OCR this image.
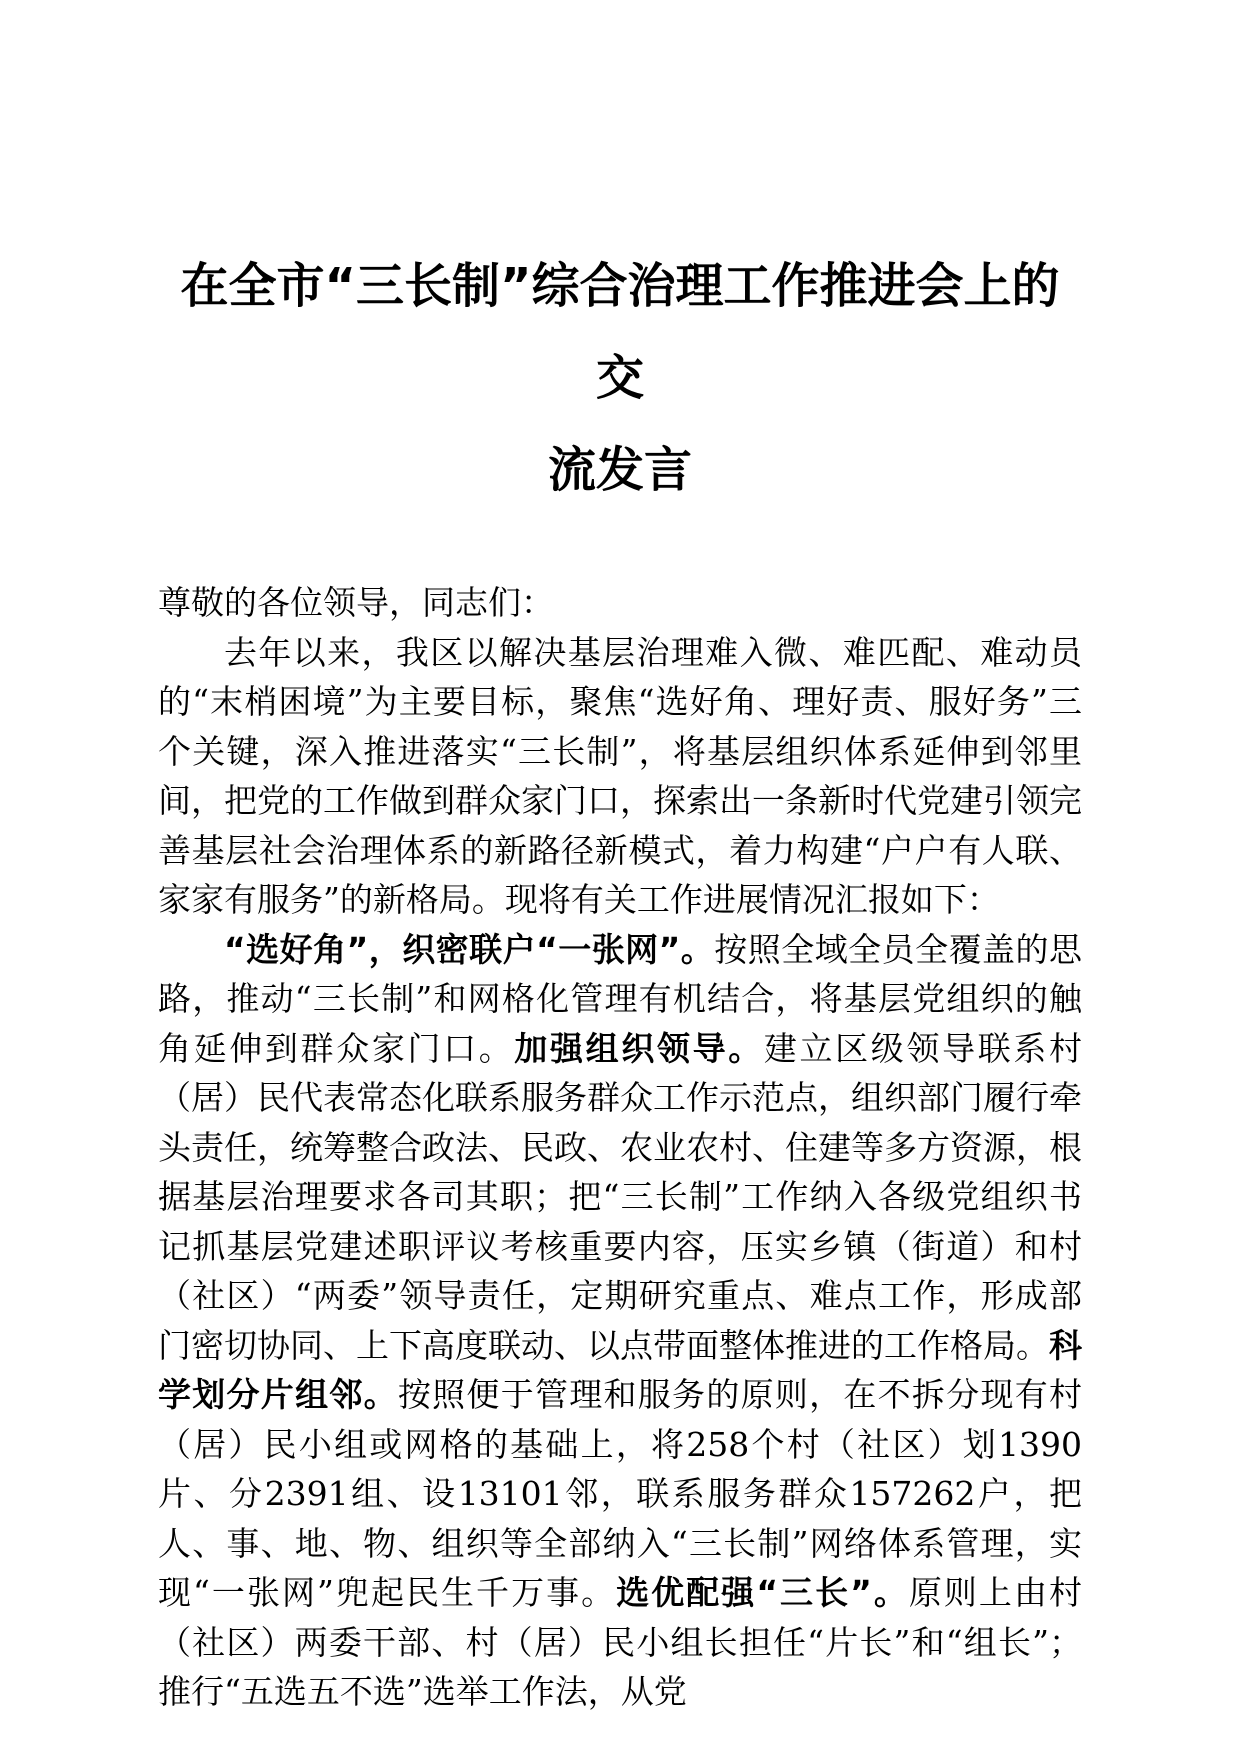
在全市“三长制”综合治理工作推进会上的交
流发言

尊敬的各位领导，同志们：

去年以来，我区以解决基层治理难入微、难匹配、难动员的“末梢困境”为主要目标，聚焦“选好角、理好责、服好务”三个关键，深入推进落实“三长制”，将基层组织体系延伸到邻里间，把党的工作做到群众家门口，探索出一条新时代党建引领完善基层社会治理体系的新路径新模式，着力构建“户户有人联、家家有服务”的新格局。现将有关工作进展情况汇报如下：

“选好角”，织密联户“一张网”。按照全域全员全覆盖的思路，推动“三长制”和网格化管理有机结合，将基层党组织的触角延伸到群众家门口。加强组织领导。建立区级领导联系村（居）民代表常态化联系服务群众工作示范点，组织部门履行牵头责任，统筹整合政法、民政、农业农村、住建等多方资源，根据基层治理要求各司其职；把“三长制”工作纳入各级党组织书记抓基层党建述职评议考核重要内容，压实乡镇（街道）和村（社区）“两委”领导责任，定期研究重点、难点工作，形成部门密切协同、上下高度联动、以点带面整体推进的工作格局。科学划分片组邻。按照便于管理和服务的原则，在不拆分现有村（居）民小组或网格的基础上，将258个村（社区）划1390片、分2391组、设13101邻，联系服务群众157262户，把人、事、地、物、组织等全部纳入“三长制”网络体系管理，实现“一张网”兜起民生千万事。选优配强“三长”。原则上由村（社区）两委干部、村（居）民小组长担任“片长”和“组长”；推行“五选五不选”选举工作法，从党
